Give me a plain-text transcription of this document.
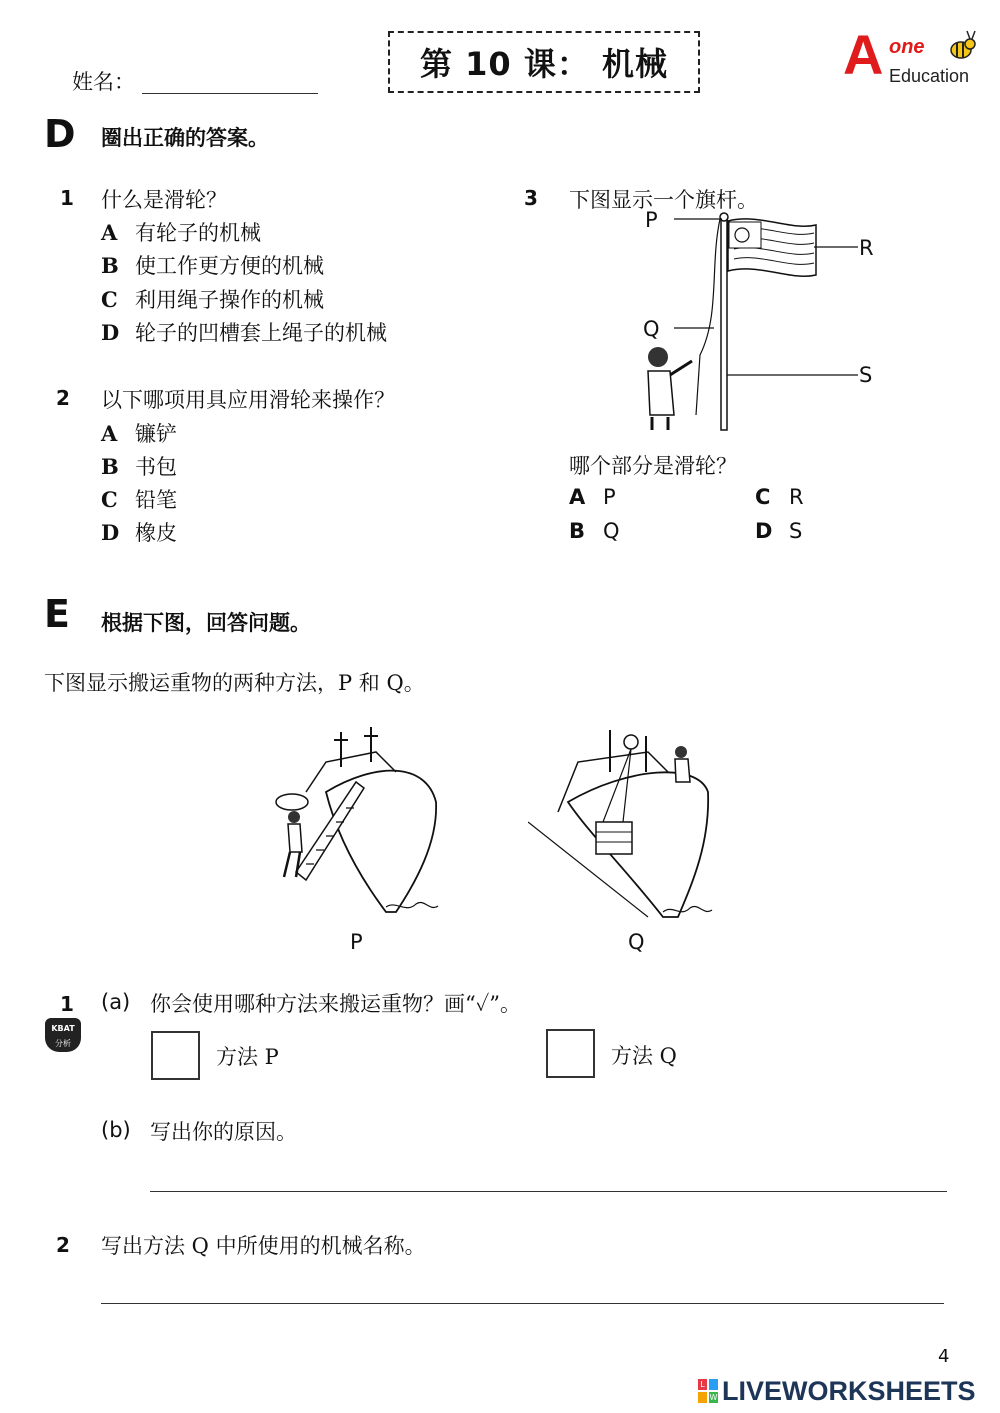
姓名：	第 10 课： 机械	A one
Education
D 圈出正确的答案。
1 什么是滑轮？
A 有轮子的机械
B 使工作更方便的机械
C 利用绳子操作的机械
D 轮子的凹槽套上绳子的机械
2 以下哪项用具应用滑轮来操作？
A 镰铲
B 书包
C 铅笔
D 橡皮
3 下图显示一个旗杆。
P
R
Q
S
哪个部分是滑轮？
A P
B Q
C R
D S
E 根据下图，回答问题。
下图显示搬运重物的两种方法，P 和 Q。
P	Q
1 (a) 你会使用哪种方法来搬运重物？画“✓”。
KBAT
分析
方法 P	方法 Q
(b) 写出你的原因。
2 写出方法 Q 中所使用的机械名称。
4
L
W LIVEWORKSHEETS
